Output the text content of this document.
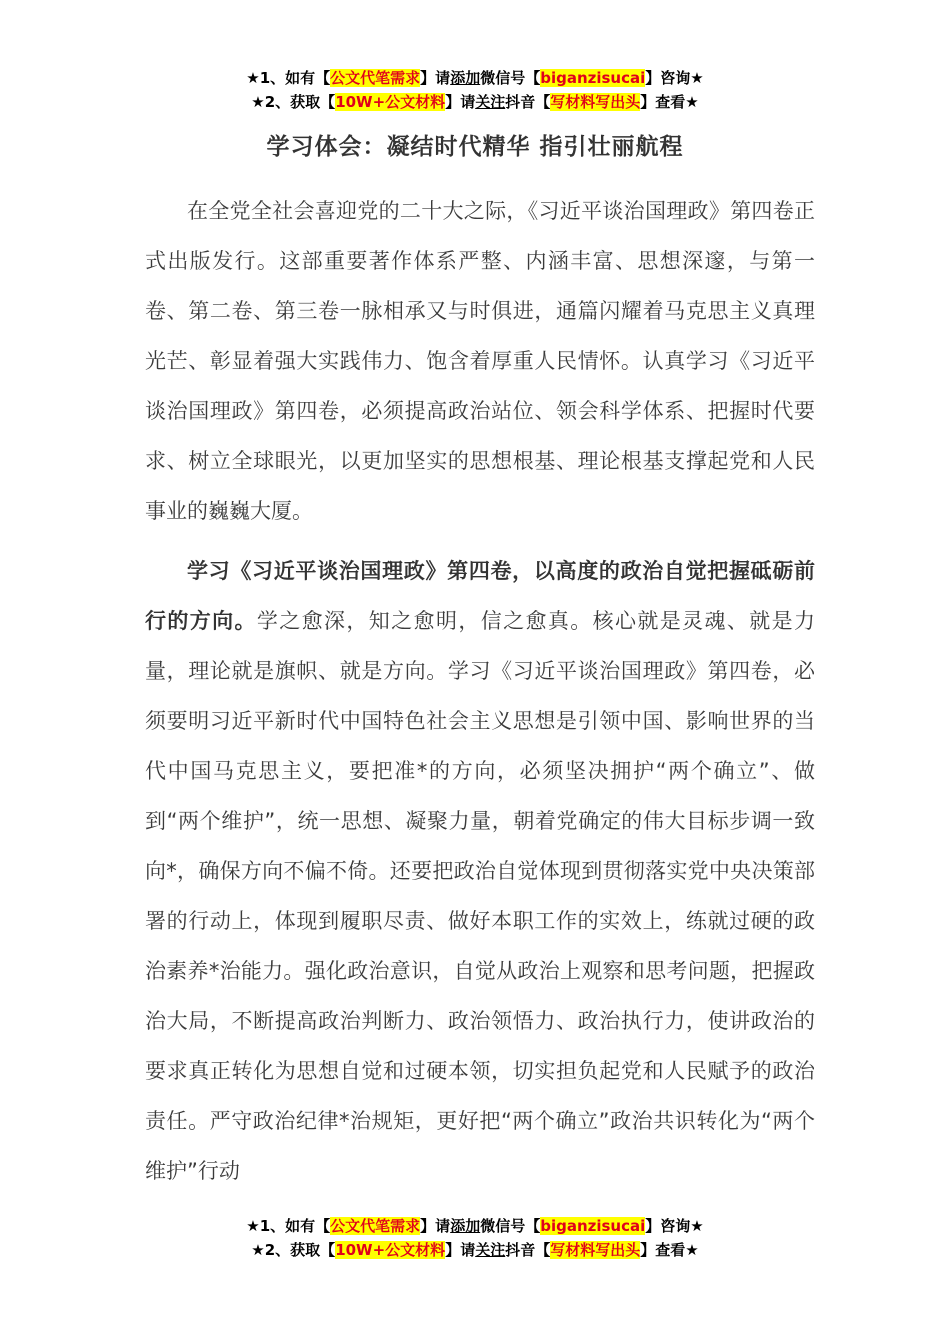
★1、如有【公文代笔需求】请添加微信号【biganzisucai】咨询★
★2、获取【10W+公文材料】请关注抖音【写材料写出头】查看★
学习体会：凝结时代精华 指引壮丽航程

在全党全社会喜迎党的二十大之际，《习近平谈治国理政》第四卷正式出版发行。这部重要著作体系严整、内涵丰富、思想深邃，与第一卷、第二卷、第三卷一脉相承又与时俱进，通篇闪耀着马克思主义真理光芒、彰显着强大实践伟力、饱含着厚重人民情怀。认真学习《习近平谈治国理政》第四卷，必须提高政治站位、领会科学体系、把握时代要求、树立全球眼光，以更加坚实的思想根基、理论根基支撑起党和人民事业的巍巍大厦。

学习《习近平谈治国理政》第四卷，以高度的政治自觉把握砥砺前行的方向。学之愈深，知之愈明，信之愈真。核心就是灵魂、就是力量，理论就是旗帜、就是方向。学习《习近平谈治国理政》第四卷，必须要明习近平新时代中国特色社会主义思想是引领中国、影响世界的当代中国马克思主义，要把准*的方向，必须坚决拥护“两个确立”、做到“两个维护”，统一思想、凝聚力量，朝着党确定的伟大目标步调一致向*，确保方向不偏不倚。还要把政治自觉体现到贯彻落实党中央决策部署的行动上，体现到履职尽责、做好本职工作的实效上，练就过硬的政治素养*治能力。强化政治意识，自觉从政治上观察和思考问题，把握政治大局，不断提高政治判断力、政治领悟力、政治执行力，使讲政治的要求真正转化为思想自觉和过硬本领，切实担负起党和人民赋予的政治责任。严守政治纪律*治规矩，更好把“两个确立”政治共识转化为“两个维护”行动

★1、如有【公文代笔需求】请添加微信号【biganzisucai】咨询★
★2、获取【10W+公文材料】请关注抖音【写材料写出头】查看★
